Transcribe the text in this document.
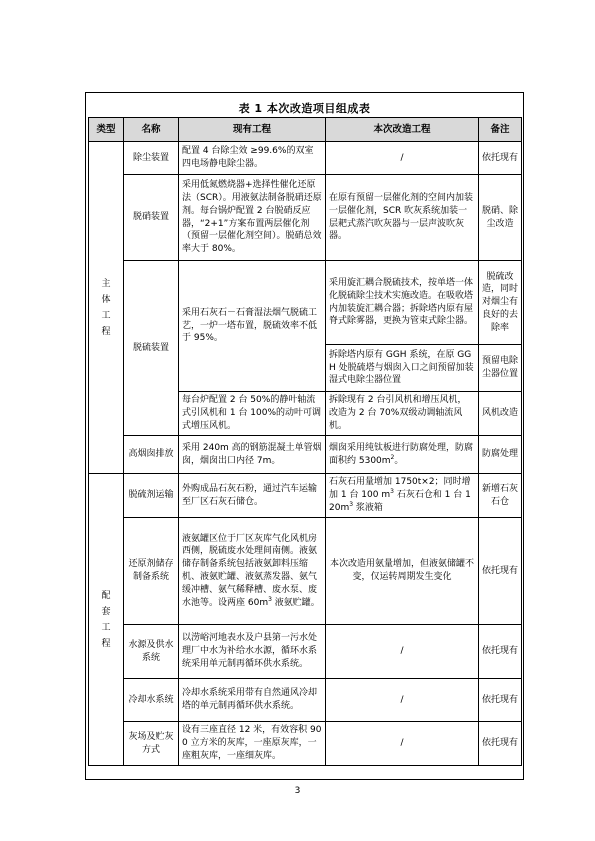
表 1 本次改造项目组成表
类型	名称	现有工程	本次改造工程	备注
主体工程	除尘装置	配置 4 台除尘效 ≥99.6%的双室四电场静电除尘器。	/	依托现有
	脱硝装置	采用低氮燃烧器+选择性催化还原法（SCR）。用液氨法制备脱硝还原剂。每台锅炉配置 2 台脱硝反应器，“2+1”方案布置两层催化剂（预留一层催化剂空间）。脱硝总效率大于 80%。	在原有预留一层催化剂的空间内加装一层催化剂，SCR 吹灰系统加装一层耙式蒸汽吹灰器与一层声波吹灰器。	脱硝、除尘改造
	脱硫装置	采用石灰石－石膏湿法烟气脱硫工艺，一炉一塔布置，脱硫效率不低于 95%。	采用旋汇耦合脱硫技术，按单塔一体化脱硫除尘技术实施改造。在吸收塔内加装旋汇耦合器；拆除塔内原有屋脊式除雾器，更换为管束式除尘器。	脱硫改造，同时对烟尘有良好的去除率
			拆除塔内原有 GGH 系统，在原 GGH 处脱硫塔与烟囱入口之间预留加装湿式电除尘器位置	预留电除尘器位置
		每台炉配置 2 台 50%的静叶轴流式引风机和 1 台 100%的动叶可调式增压风机。	拆除现有 2 台引风机和增压风机，改造为 2 台 70%双级动调轴流风机。	风机改造
	高烟囱排放	采用 240m 高的钢筋混凝土单管烟囱，烟囱出口内径 7m。	烟囱采用纯钛板进行防腐处理，防腐面积约 $5300m^2$。	防腐处理
配套工程	脱硫剂运输	外购成品石灰石粉，通过汽车运输至厂区石灰石储仓。	石灰石用量增加 1750t×2；同时增加 1 台 100 $m^3$ 石灰石仓和 1 台 $120m^3$ 浆液箱	新增石灰石仓
	还原剂储存制备系统	液氨罐区位于厂区灰库气化风机房西侧，脱硫废水处理间南侧。液氨储存制备系统包括液氨卸料压缩机、液氨贮罐、液氨蒸发器、氨气缓冲槽、氨气稀释槽、废水泵、废水池等。设两座 $60m^3$ 液氨贮罐。	本次改造用氨量增加，但液氨储罐不变，仅运转周期发生变化	依托现有
	水源及供水系统	以涝峪河地表水及户县第一污水处理厂中水为补给水水源，循环水系统采用单元制再循环供水系统。	/	依托现有
	冷却水系统	冷却水系统采用带有自然通风冷却塔的单元制再循环供水系统。	/	依托现有
	灰场及贮灰方式	设有三座直径 12 米，有效容积 900 立方米的灰库，一座原灰库，一座粗灰库，一座细灰库。	/	依托现有
3
